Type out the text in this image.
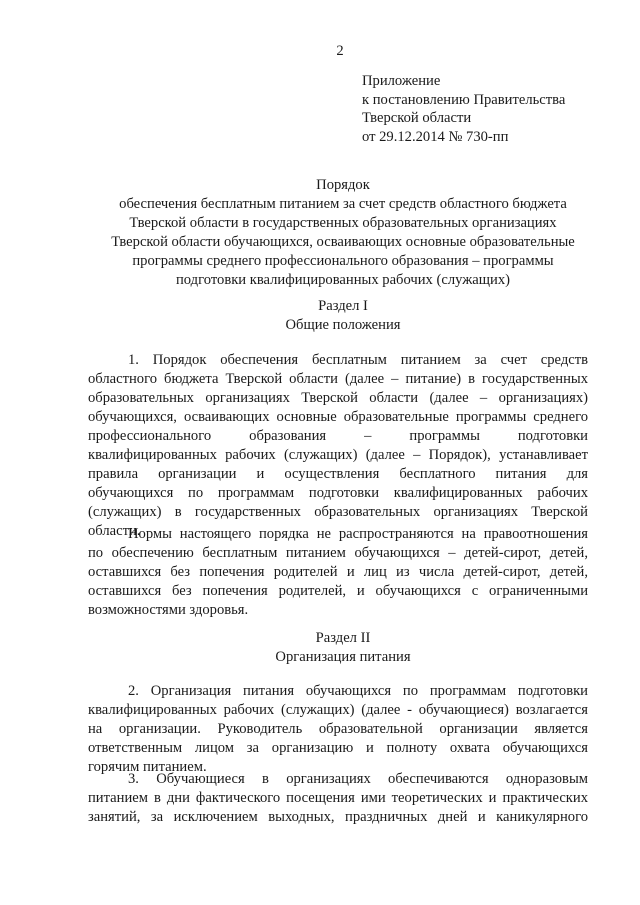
2
Приложение
к постановлению Правительства
Тверской области
от 29.12.2014 № 730-пп
Порядок
обеспечения бесплатным питанием за счет средств областного бюджета
Тверской области в государственных образовательных организациях
Тверской области обучающихся, осваивающих основные образовательные
программы среднего профессионального образования – программы
подготовки квалифицированных рабочих (служащих)
Раздел I
Общие положения
1. Порядок обеспечения бесплатным питанием за счет средств
областного бюджета Тверской области (далее – питание) в государственных
образовательных организациях Тверской области (далее – организациях)
обучающихся, осваивающих основные образовательные программы среднего
профессионального образования – программы подготовки
квалифицированных рабочих (служащих) (далее – Порядок), устанавливает
правила организации и осуществления бесплатного питания для
обучающихся по программам подготовки квалифицированных рабочих
(служащих) в государственных образовательных организациях Тверской
области.
Нормы настоящего порядка не распространяются на правоотношения
по обеспечению бесплатным питанием обучающихся – детей-сирот, детей,
оставшихся без попечения родителей и лиц из числа детей-сирот, детей,
оставшихся без попечения родителей, и обучающихся с ограниченными
возможностями здоровья.
Раздел II
Организация питания
2. Организация питания обучающихся по программам подготовки
квалифицированных рабочих (служащих) (далее - обучающиеся) возлагается
на организации. Руководитель образовательной организации является
ответственным лицом за организацию и полноту охвата обучающихся
горячим питанием.
3. Обучающиеся в организациях обеспечиваются одноразовым
питанием в дни фактического посещения ими теоретических и практических
занятий, за исключением выходных, праздничных дней и каникулярного
